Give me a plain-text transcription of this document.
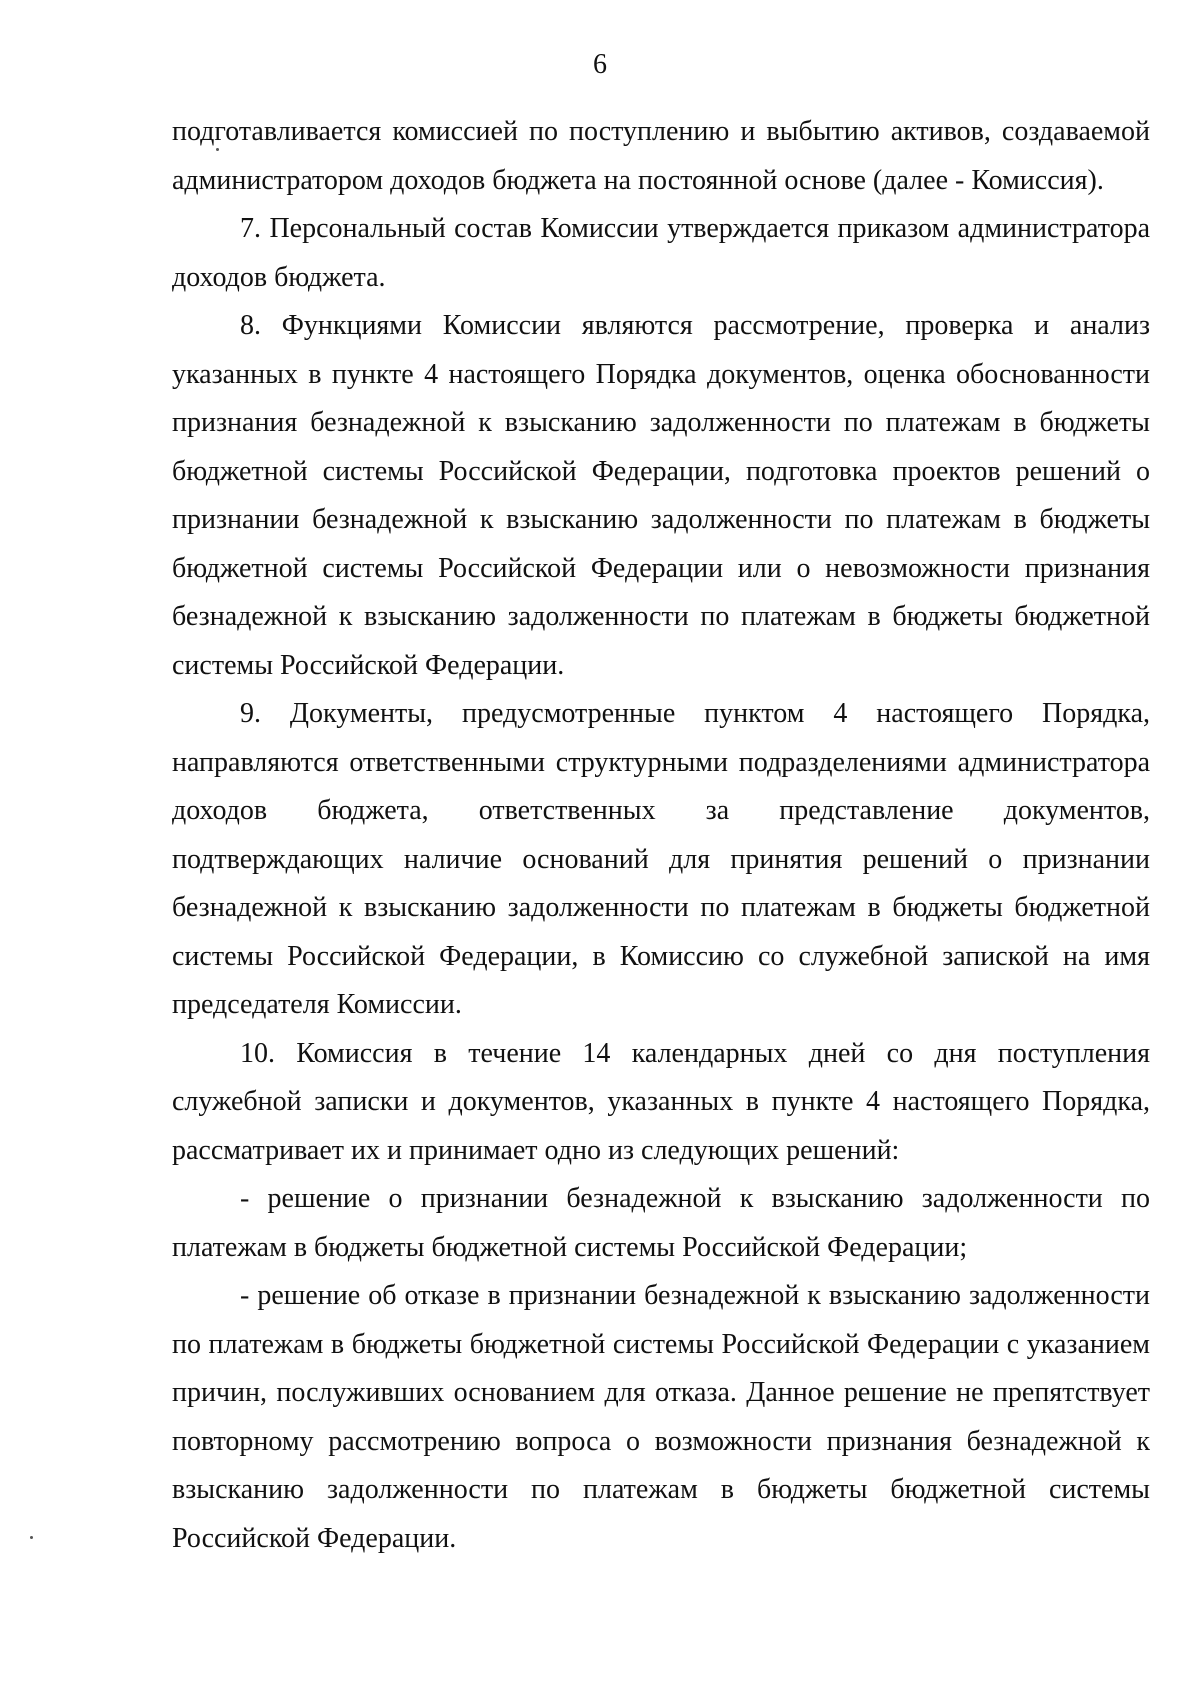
6

подготавливается комиссией по поступлению и выбытию активов, создаваемой администратором доходов бюджета на постоянной основе (далее - Комиссия).

7. Персональный состав Комиссии утверждается приказом администратора доходов бюджета.

8. Функциями Комиссии являются рассмотрение, проверка и анализ указанных в пункте 4 настоящего Порядка документов, оценка обоснованности признания безнадежной к взысканию задолженности по платежам в бюджеты бюджетной системы Российской Федерации, подготовка проектов решений о признании безнадежной к взысканию задолженности по платежам в бюджеты бюджетной системы Российской Федерации или о невозможности признания безнадежной к взысканию задолженности по платежам в бюджеты бюджетной системы Российской Федерации.

9. Документы, предусмотренные пунктом 4 настоящего Порядка, направляются ответственными структурными подразделениями администратора доходов бюджета, ответственных за представление документов, подтверждающих наличие оснований для принятия решений о признании безнадежной к взысканию задолженности по платежам в бюджеты бюджетной системы Российской Федерации, в Комиссию со служебной запиской на имя председателя Комиссии.

10. Комиссия в течение 14 календарных дней со дня поступления служебной записки и документов, указанных в пункте 4 настоящего Порядка, рассматривает их и принимает одно из следующих решений:

- решение о признании безнадежной к взысканию задолженности по платежам в бюджеты бюджетной системы Российской Федерации;

- решение об отказе в признании безнадежной к взысканию задолженности по платежам в бюджеты бюджетной системы Российской Федерации с указанием причин, послуживших основанием для отказа. Данное решение не препятствует повторному рассмотрению вопроса о возможности признания безнадежной к взысканию задолженности по платежам в бюджеты бюджетной системы Российской Федерации.
